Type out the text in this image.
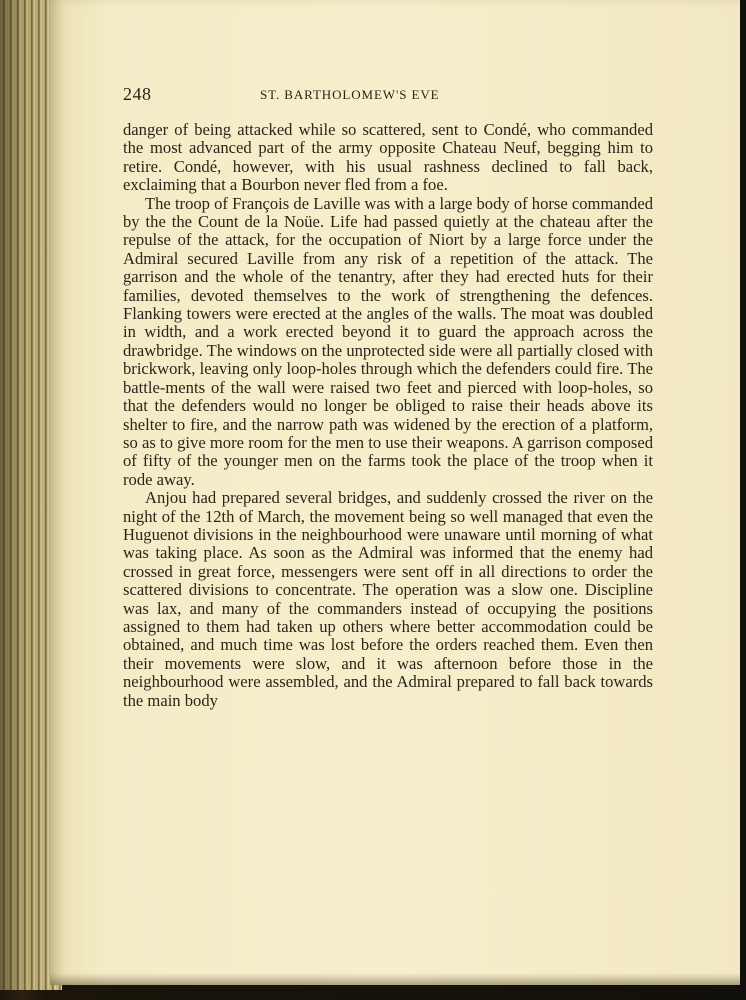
248	ST. BARTHOLOMEW'S EVE

danger of being attacked while so scattered, sent to Condé, who commanded the most advanced part of the army opposite Chateau Neuf, begging him to retire. Condé, however, with his usual rashness declined to fall back, exclaiming that a Bourbon never fled from a foe.

The troop of François de Laville was with a large body of horse commanded by the the Count de la Noüe. Life had passed quietly at the chateau after the repulse of the attack, for the occupation of Niort by a large force under the Admiral secured Laville from any risk of a repetition of the attack. The garrison and the whole of the tenantry, after they had erected huts for their families, devoted themselves to the work of strengthening the defences. Flanking towers were erected at the angles of the walls. The moat was doubled in width, and a work erected beyond it to guard the approach across the drawbridge. The windows on the unprotected side were all partially closed with brickwork, leaving only loop-holes through which the defenders could fire. The battle-ments of the wall were raised two feet and pierced with loop-holes, so that the defenders would no longer be obliged to raise their heads above its shelter to fire, and the narrow path was widened by the erection of a platform, so as to give more room for the men to use their weapons. A garrison composed of fifty of the younger men on the farms took the place of the troop when it rode away.

Anjou had prepared several bridges, and suddenly crossed the river on the night of the 12th of March, the movement being so well managed that even the Huguenot divisions in the neighbourhood were unaware until morning of what was taking place. As soon as the Admiral was informed that the enemy had crossed in great force, messengers were sent off in all directions to order the scattered divisions to concentrate. The operation was a slow one. Discipline was lax, and many of the commanders instead of occupying the positions assigned to them had taken up others where better accommodation could be obtained, and much time was lost before the orders reached them. Even then their movements were slow, and it was afternoon before those in the neighbourhood were assembled, and the Admiral prepared to fall back towards the main body
